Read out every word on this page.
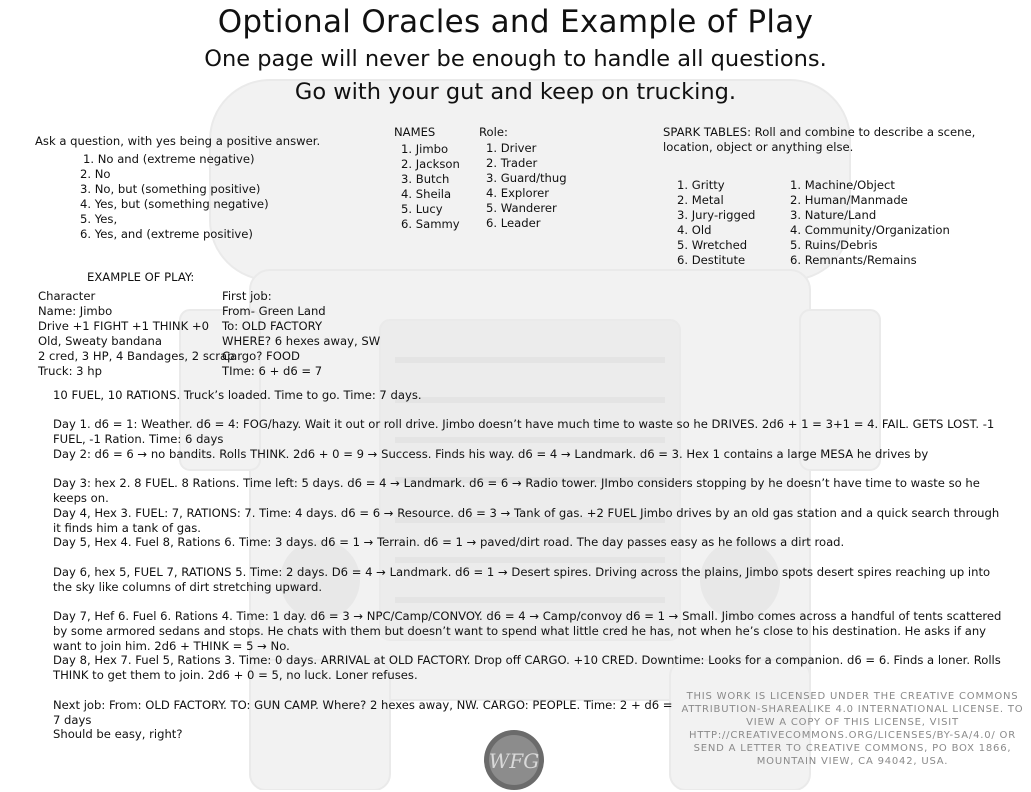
Optional Oracles and Example of Play
One page will never be enough to handle all questions.
Go with your gut and keep on trucking.
Ask a question, with yes being a positive answer.
1. No and (extreme negative)
2. No
3. No, but (something positive)
4. Yes, but (something negative)
5. Yes,
6. Yes, and (extreme positive)
NAMES
1. Jimbo
2. Jackson
3. Butch
4. Sheila
5. Lucy
6. Sammy
Role:
1. Driver
2. Trader
3. Guard/thug
4. Explorer
5. Wanderer
6. Leader
SPARK TABLES: Roll and combine to describe a scene, location, object or anything else.
1. Gritty
2. Metal
3. Jury-rigged
4. Old
5. Wretched
6. Destitute
1. Machine/Object
2. Human/Manmade
3. Nature/Land
4. Community/Organization
5. Ruins/Debris
6. Remnants/Remains
EXAMPLE OF PLAY:
Character
Name: Jimbo
Drive +1 FIGHT +1 THINK +0
Old, Sweaty bandana
2 cred, 3 HP, 4 Bandages, 2 scrap
Truck: 3 hp
First job:
From- Green Land
To: OLD FACTORY
WHERE? 6 hexes away, SW
Cargo? FOOD
TIme: 6 + d6 = 7

10 FUEL, 10 RATIONS. Truck’s loaded. Time to go. Time: 7 days.

Day 1. d6 = 1: Weather. d6 = 4: FOG/hazy. Wait it out or roll drive. Jimbo doesn’t have much time to waste so he DRIVES. 2d6 + 1 = 3+1 = 4. FAIL. GETS LOST. -1 FUEL, -1 Ration. Time: 6 days

Day 2: d6 = 6 → no bandits. Rolls THINK. 2d6 + 0 = 9 → Success. Finds his way. d6 = 4 → Landmark. d6 = 3. Hex 1 contains a large MESA he drives by

Day 3: hex 2. 8 FUEL. 8 Rations. Time left: 5 days. d6 = 4 → Landmark. d6 = 6 → Radio tower. JImbo considers stopping by he doesn’t have time to waste so he keeps on.

Day 4, Hex 3. FUEL: 7, RATIONS: 7. Time: 4 days. d6 = 6 → Resource. d6 = 3 → Tank of gas. +2 FUEL Jimbo drives by an old gas station and a quick search through it finds him a tank of gas.

Day 5, Hex 4. Fuel 8, Rations 6. Time: 3 days. d6 = 1 → Terrain. d6 = 1 → paved/dirt road. The day passes easy as he follows a dirt road.

Day 6, hex 5, FUEL 7, RATIONS 5. Time: 2 days. D6 = 4 → Landmark. d6 = 1 → Desert spires. Driving across the plains, Jimbo spots desert spires reaching up into the sky like columns of dirt stretching upward.

Day 7, Hef 6. Fuel 6. Rations 4. Time: 1 day. d6 = 3 → NPC/Camp/CONVOY. d6 = 4 → Camp/convoy d6 = 1 → Small. Jimbo comes across a handful of tents scattered by some armored sedans and stops. He chats with them but doesn’t want to spend what little cred he has, not when he’s close to his destination. He asks if any want to join him. 2d6 + THINK = 5 → No.

Day 8, Hex 7. Fuel 5, Rations 3. Time: 0 days. ARRIVAL at OLD FACTORY. Drop off CARGO. +10 CRED. Downtime: Looks for a companion. d6 = 6. Finds a loner. Rolls THINK to get them to join. 2d6 + 0 = 5, no luck. Loner refuses.

Next job: From: OLD FACTORY. TO: GUN CAMP. Where? 2 hexes away, NW. CARGO: PEOPLE. Time: 2 + d6 = 7 days

Should be easy, right?

THIS WORK IS LICENSED UNDER THE CREATIVE COMMONS ATTRIBUTION-SHAREALIKE 4.0 INTERNATIONAL LICENSE. TO VIEW A COPY OF THIS LICENSE, VISIT HTTP://CREATIVECOMMONS.ORG/LICENSES/BY-SA/4.0/ OR SEND A LETTER TO CREATIVE COMMONS, PO BOX 1866, MOUNTAIN VIEW, CA 94042, USA.
WFG
